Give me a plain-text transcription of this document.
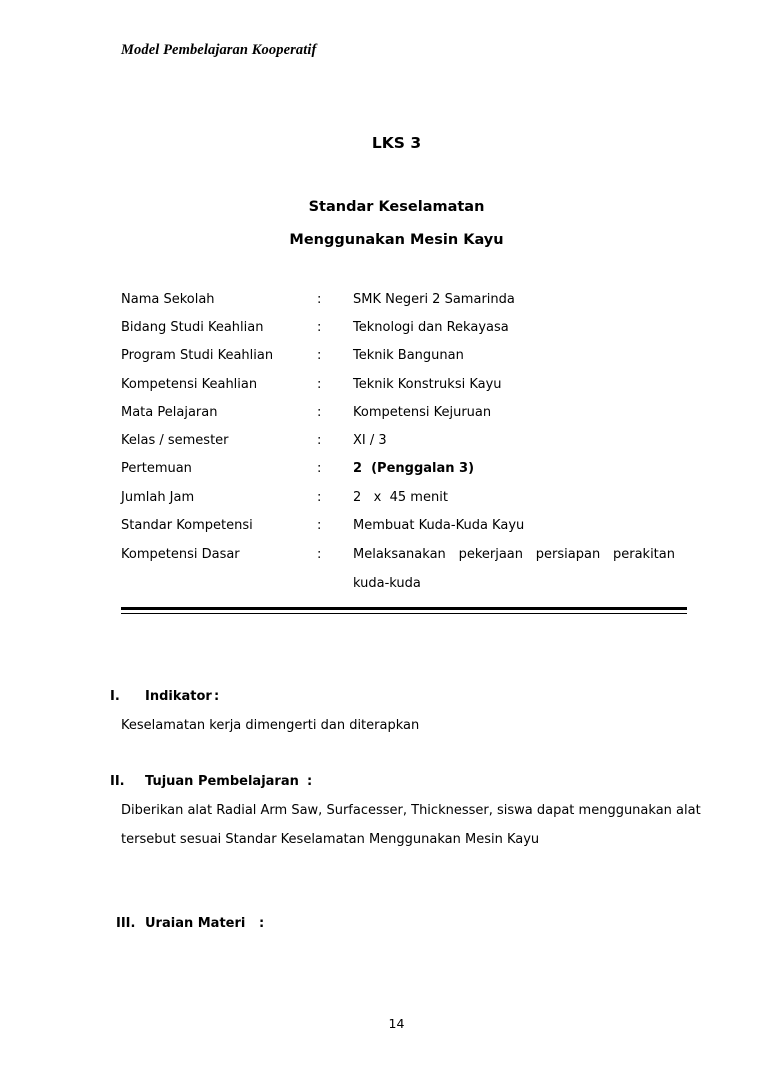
Model Pembelajaran Kooperatif
LKS 3
Standar Keselamatan
Menggunakan Mesin Kayu
Nama Sekolah	: SMK Negeri 2 Samarinda
Bidang Studi Keahlian	: Teknologi dan Rekayasa
Program Studi Keahlian	: Teknik Bangunan
Kompetensi Keahlian	: Teknik Konstruksi Kayu
Mata Pelajaran	: Kompetensi Kejuruan
Kelas / semester	: XI / 3
Pertemuan	: 2  (Penggalan 3)
Jumlah Jam	: 2   x  45 menit
Standar Kompetensi	: Membuat Kuda-Kuda Kayu
Kompetensi Dasar	: Melaksanakan pekerjaan persiapan perakitan
kuda-kuda
I. Indikator :
Keselamatan kerja dimengerti dan diterapkan
II. Tujuan Pembelajaran :
Diberikan alat Radial Arm Saw, Surfacesser, Thicknesser, siswa dapat menggunakan alat
tersebut sesuai Standar Keselamatan Menggunakan Mesin Kayu
III. Uraian Materi :
14
